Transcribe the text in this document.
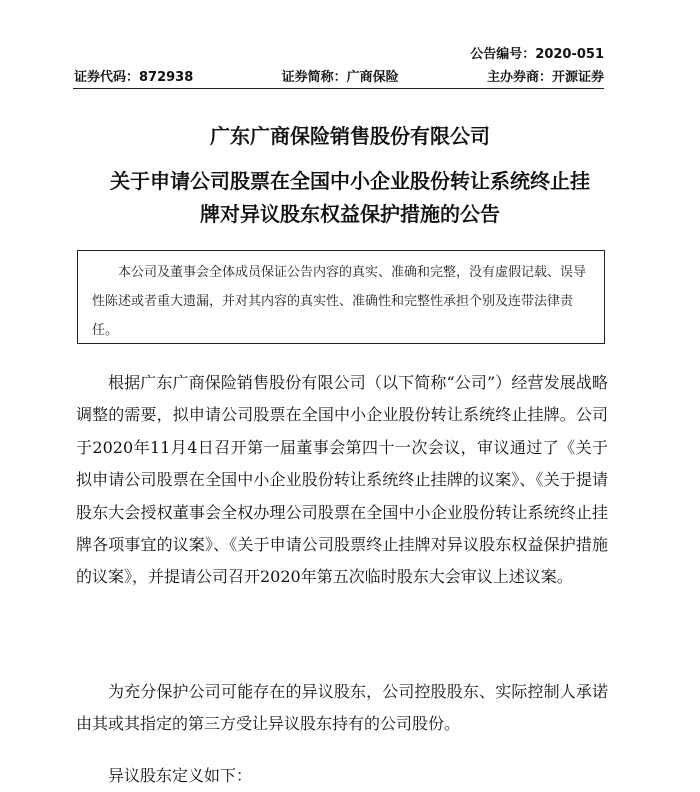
公告编号：2020-051
证券代码：872938	证券简称：广商保险	主办券商：开源证券
广东广商保险销售股份有限公司
关于申请公司股票在全国中小企业股份转让系统终止挂
牌对异议股东权益保护措施的公告
本公司及董事会全体成员保证公告内容的真实、准确和完整，没有虚假记载、误导性陈述或者重大遗漏，并对其内容的真实性、准确性和完整性承担个别及连带法律责任。
根据广东广商保险销售股份有限公司（以下简称“公司”）经营发展战略调整的需要，拟申请公司股票在全国中小企业股份转让系统终止挂牌。公司于2020年11月4日召开第一届董事会第四十一次会议，审议通过了《关于拟申请公司股票在全国中小企业股份转让系统终止挂牌的议案》、《关于提请股东大会授权董事会全权办理公司股票在全国中小企业股份转让系统终止挂牌各项事宜的议案》、《关于申请公司股票终止挂牌对异议股东权益保护措施的议案》，并提请公司召开2020年第五次临时股东大会审议上述议案。
为充分保护公司可能存在的异议股东，公司控股股东、实际控制人承诺由其或其指定的第三方受让异议股东持有的公司股份。
异议股东定义如下：
